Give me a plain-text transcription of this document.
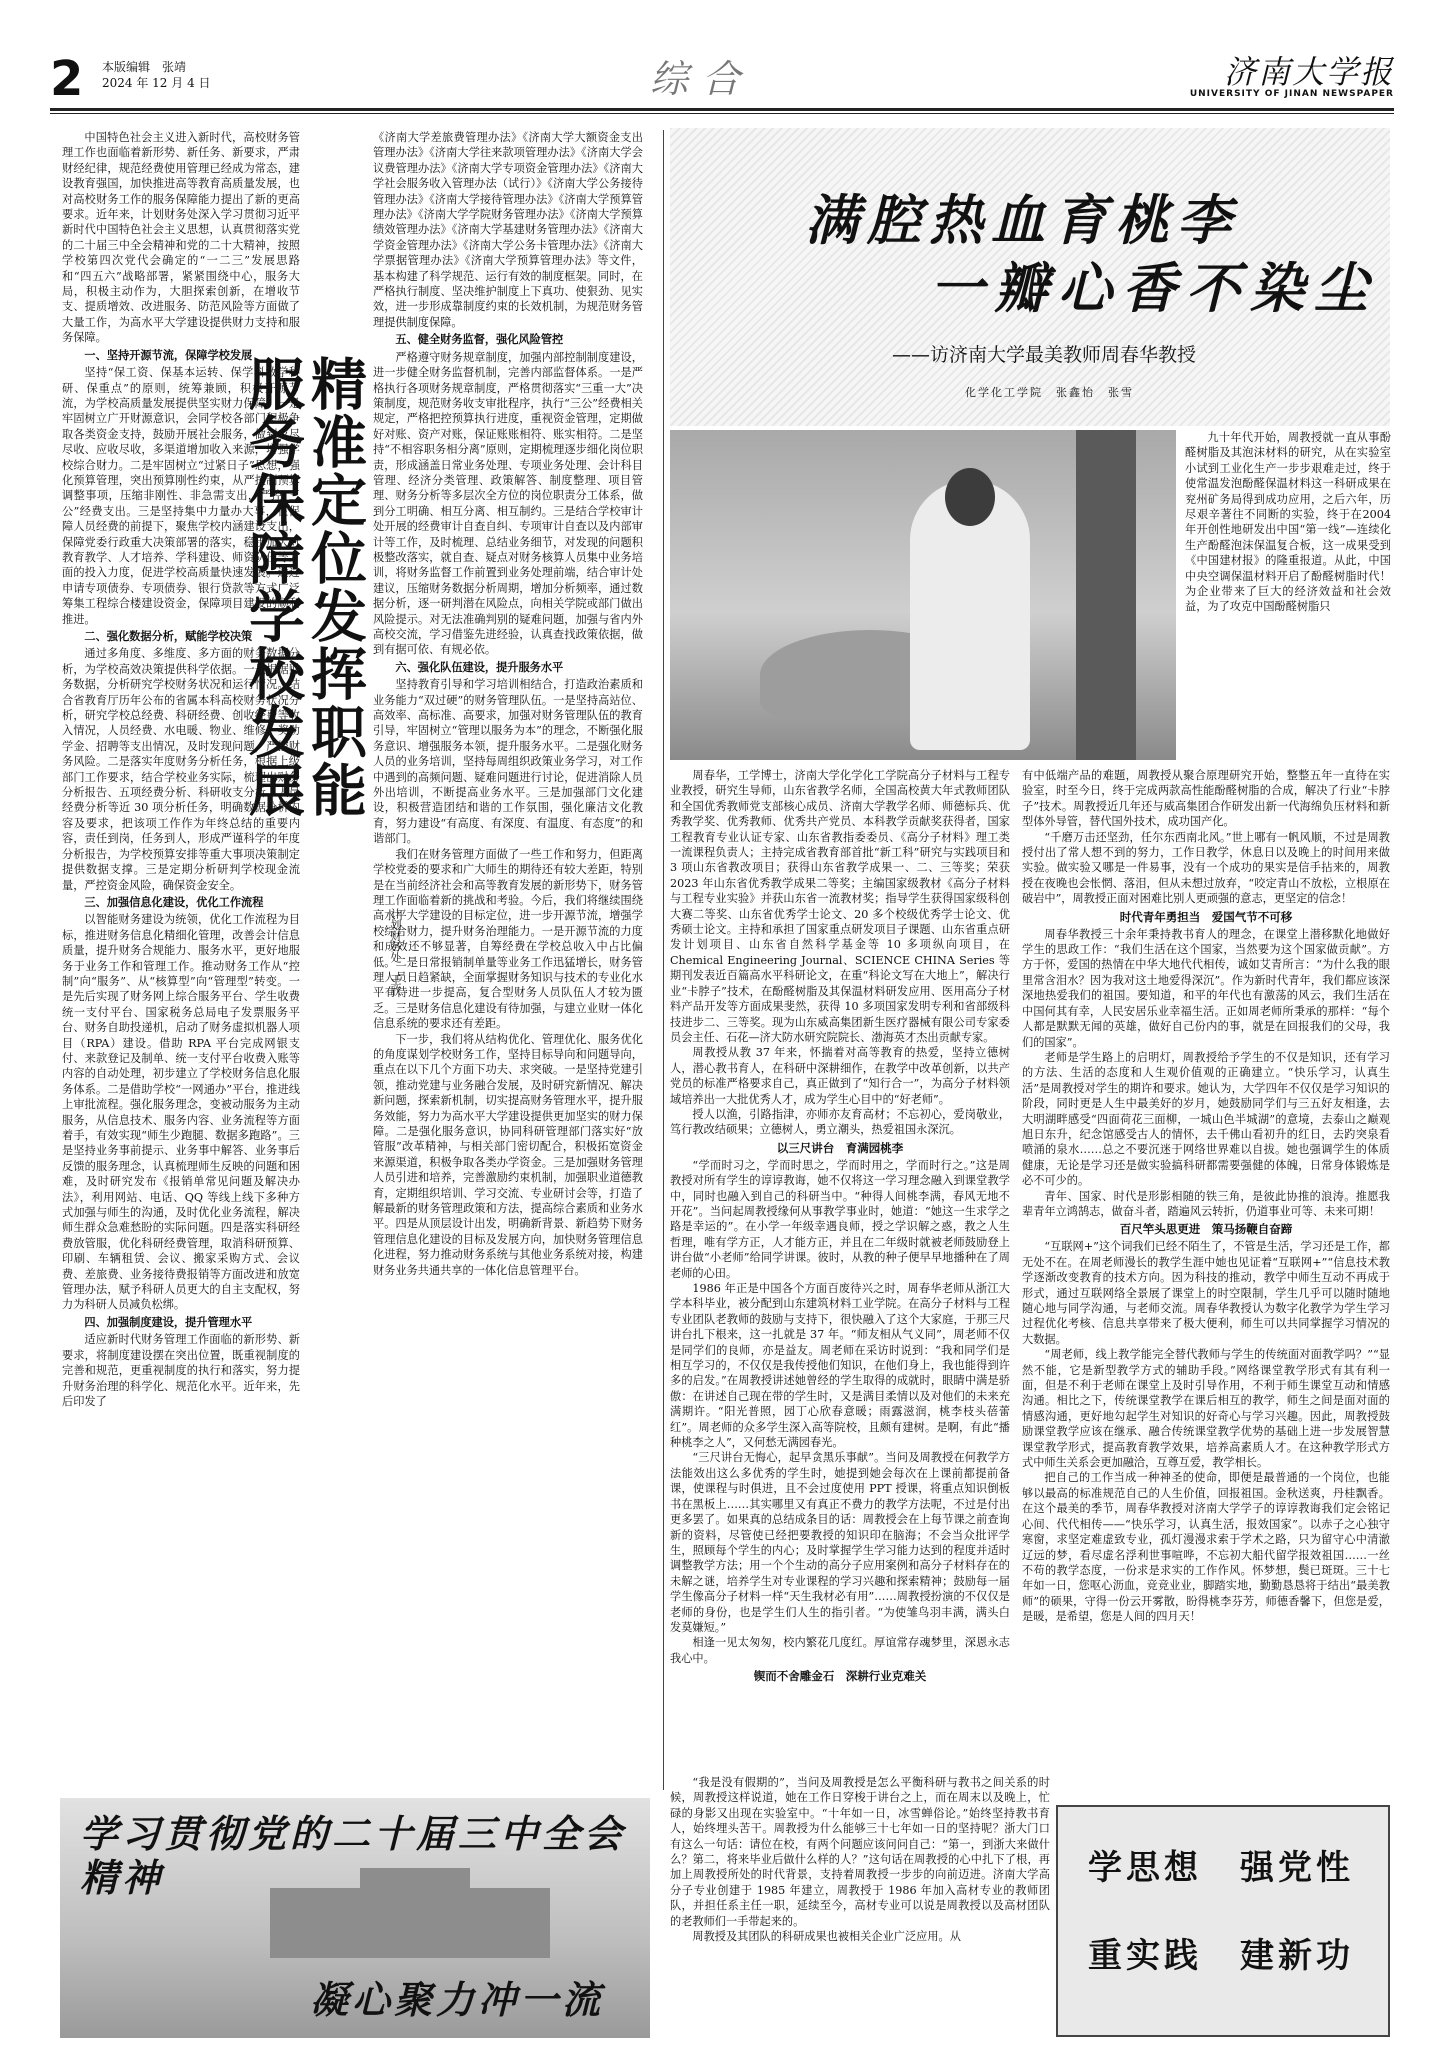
2 本版编辑　张靖
2024 年 12 月 4 日	综合	济南大学报
UNIVERSITY OF JINAN NEWSPAPER

中国特色社会主义进入新时代，高校财务管理工作也面临着新形势、新任务、新要求，严肃财经纪律，规范经费使用管理已经成为常态，建设教育强国，加快推进高等教育高质量发展，也对高校财务工作的服务保障能力提出了新的更高要求。近年来，计划财务处深入学习贯彻习近平新时代中国特色社会主义思想，认真贯彻落实党的二十届三中全会精神和党的二十大精神，按照学校第四次党代会确定的“一二三”发展思路和“四五六”战略部署，紧紧围绕中心，服务大局，积极主动作为，大胆探索创新，在增收节支、提质增效、改进服务、防范风险等方面做了大量工作，为高水平大学建设提供财力支持和服务保障。

一、坚持开源节流，保障学校发展

坚持“保工资、保基本运转、保学科教学科研、保重点”的原则，统筹兼顾，积极开源节流，为学校高质量发展提供坚实财力保障。一是牢固树立广开财源意识，会同学校各部门积极争取各类资金支持，鼓励开展社会服务，做到应尽尽收、应收尽收，多渠道增加收入来源，增强学校综合财力。二是牢固树立“过紧日子”思想，强化预算管理，突出预算刚性约束，从严控制预算调整事项，压缩非刚性、非急需支出，严控“三公”经费支出。三是坚持集中力量办大事，在保障人员经费的前提下，聚焦学校内涵建设支出，保障党委行政重大决策部署的落实，稳步加大对教育教学、人才培养、学科建设、师资队伍等方面的投入力度，促进学校高质量快速发展。通过申请专项债券、专项债券、银行贷款等方式广泛筹集工程综合楼建设资金，保障项目建设的顺利推进。

二、强化数据分析，赋能学校决策

通过多角度、多维度、多方面的财务数据分析，为学校高效决策提供科学依据。一是根据财务数据，分析研究学校财务状况和运行情况。结合省教育厅历年公布的省属本科高校财务状况分析，研究学校总经费、科研经费、创收经费等收入情况，人员经费、水电暖、物业、维修、奖助学金、招聘等支出情况，及时发现问题，严控财务风险。二是落实年度财务分析任务，根据上级部门工作要求，结合学校业务实际，梳理出财务分析报告、五项经费分析、科研收支分析、人员经费分析等近 30 项分析任务，明确数据分析内容及要求，把该项工作作为年终总结的重要内容，责任到岗，任务到人，形成严谨科学的年度分析报告，为学校预算安排等重大事项决策制定提供数据支撑。三是定期分析研判学校现金流量，严控资金风险，确保资金安全。

三、加强信息化建设，优化工作流程

以智能财务建设为统领，优化工作流程为目标，推进财务信息化精细化管理，改善会计信息质量，提升财务合规能力、服务水平，更好地服务于业务工作和管理工作。推动财务工作从“控制”向“服务”、从“核算型”向“管理型”转变。一是先后实现了财务网上综合服务平台、学生收费统一支付平台、国家税务总局电子发票服务平台、财务自助投递机，启动了财务虚拟机器人项目（RPA）建设。借助 RPA 平台完成网银支付、来款登记及制单、统一支付平台收费入账等内容的自动处理，初步建立了学校财务信息化服务体系。二是借助学校“一网通办”平台，推进线上审批流程。强化服务理念，变被动服务为主动服务，从信息技术、服务内容、业务流程等方面着手，有效实现“师生少跑腿、数据多跑路”。三是坚持业务事前提示、业务事中解答、业务事后反馈的服务理念，认真梳理师生反映的问题和困难，及时研究发布《报销单常见问题及解决办法》，利用网站、电话、QQ 等线上线下多种方式加强与师生的沟通，及时优化业务流程，解决师生群众急难愁盼的实际问题。四是落实科研经费放管服，优化科研经费管理，取消科研预算、印刷、车辆租赁、会议、搬家采购方式、会议费、差旅费、业务接待费报销等方面改进和放宽管理办法，赋予科研人员更大的自主支配权，努力为科研人员减负松绑。

四、加强制度建设，提升管理水平

适应新时代财务管理工作面临的新形势、新要求，将制度建设摆在突出位置，既重视制度的完善和规范，更重视制度的执行和落实，努力提升财务治理的科学化、规范化水平。近年来，先后印发了

精准定位发挥职能
服务保障学校发展
计划财务处　王欣

《济南大学差旅费管理办法》《济南大学大额资金支出管理办法》《济南大学往来款项管理办法》《济南大学会议费管理办法》《济南大学专项资金管理办法》《济南大学社会服务收入管理办法（试行）》《济南大学公务接待管理办法》《济南大学接待管理办法》《济南大学预算管理办法》《济南大学学院财务管理办法》《济南大学预算绩效管理办法》《济南大学基建财务管理办法》《济南大学资金管理办法》《济南大学公务卡管理办法》《济南大学票据管理办法》《济南大学预算管理办法》等文件，基本构建了科学规范、运行有效的制度框架。同时，在严格执行制度、坚决维护制度上下真功、使狠劲、见实效，进一步形成靠制度约束的长效机制，为规范财务管理提供制度保障。

五、健全财务监督，强化风险管控

严格遵守财务规章制度，加强内部控制制度建设，进一步健全财务监督机制，完善内部监督体系。一是严格执行各项财务规章制度，严格贯彻落实“三重一大”决策制度，规范财务收支审批程序，执行“三公”经费相关规定，严格把控预算执行进度，重视资金管理，定期做好对账、资产对账，保证账账相符、账实相符。二是坚持“不相容职务相分离”原则，定期梳理逐步细化岗位职责，形成涵盖日常业务处理、专项业务处理、会计科目管理、经济分类管理、政策解答、制度整理、项目管理、财务分析等多层次全方位的岗位职责分工体系，做到分工明确、相互分离、相互制约。三是结合学校审计处开展的经费审计自查自纠、专项审计自查以及内部审计等工作，及时梳理、总结业务细节，对发现的问题积极整改落实，就自查、疑点对财务核算人员集中业务培训，将财务监督工作前置到业务处理前端，结合审计处建议，压缩财务数据分析周期，增加分析频率，通过数据分析，逐一研判潜在风险点，向相关学院或部门做出风险提示。对无法准确判别的疑难问题，加强与省内外高校交流，学习借鉴先进经验，认真查找政策依据，做到有据可依、有规必依。

六、强化队伍建设，提升服务水平

坚持教育引导和学习培训相结合，打造政治素质和业务能力“双过硬”的财务管理队伍。一是坚持高站位、高效率、高标准、高要求，加强对财务管理队伍的教育引导，牢固树立“管理以服务为本”的理念，不断强化服务意识、增强服务本领，提升服务水平。二是强化财务人员的业务培训，坚持每周组织政策业务学习，对工作中遇到的高频问题、疑难问题进行讨论，促进消除人员外出培训，不断提高业务水平。三是加强部门文化建设，积极营造团结和谐的工作氛围，强化廉洁文化教育，努力建设“有高度、有深度、有温度、有态度”的和谐部门。

我们在财务管理方面做了一些工作和努力，但距离学校党委的要求和广大师生的期待还有较大差距，特别是在当前经济社会和高等教育发展的新形势下，财务管理工作面临着新的挑战和考验。今后，我们将继续围绕高水平大学建设的目标定位，进一步开源节流，增强学校综合财力，提升财务治理能力。一是开源节流的力度和成效还不够显著，自筹经费在学校总收入中占比偏低。二是日常报销制单量等业务工作迅猛增长，财务管理人员日趋紧缺，全面掌握财务知识与技术的专业化水平有待进一步提高，复合型财务人员队伍人才较为匮乏。三是财务信息化建设有待加强，与建立业财一体化信息系统的要求还有差距。

下一步，我们将从结构优化、管理优化、服务优化的角度谋划学校财务工作，坚持目标导向和问题导向，重点在以下几个方面下功夫、求突破。一是坚持党建引领，推动党建与业务融合发展，及时研究新情况、解决新问题，探索新机制，切实提高财务管理水平，提升服务效能，努力为高水平大学建设提供更加坚实的财力保障。二是强化服务意识，协同科研管理部门落实好“放管服”改革精神，与相关部门密切配合，积极拓宽资金来源渠道，积极争取各类办学资金。三是加强财务管理人员引进和培养，完善激励约束机制，加强职业道德教育，定期组织培训、学习交流、专业研讨会等，打造了解最新的财务管理政策和方法，提高综合素质和业务水平。四是从顶层设计出发，明确新背景、新趋势下财务管理信息化建设的目标及发展方向，加快财务管理信息化进程，努力推动财务系统与其他业务系统对接，构建财务业务共通共享的一体化信息管理平台。

满腔热血育桃李
一瓣心香不染尘
——访济南大学最美教师周春华教授
化学化工学院　张鑫怡　张雪

九十年代开始，周教授就一直从事酚醛树脂及其泡沫材料的研究，从在实验室小试到工业化生产一步步艰难走过，终于使常温发泡酚醛保温材料这一科研成果在兖州矿务局得到成功应用，之后六年，历尽艰辛著往不同断的实验，终于在2004年开创性地研发出中国“第一线”—连续化生产酚醛泡沫保温复合板，这一成果受到《中国建材报》的隆重报道。从此，中国中央空调保温材料开启了酚醛树脂时代！为企业带来了巨大的经济效益和社会效益，为了攻克中国酚醛树脂只

周春华，工学博士，济南大学化学化工学院高分子材料与工程专业教授，研究生导师，山东省教学名师，全国高校黄大年式教师团队和全国优秀教师党支部核心成员、济南大学教学名师、师德标兵、优秀教学奖、优秀教师、优秀共产党员、本科教学贡献奖获得者，国家工程教育专业认证专家、山东省教指委委员、《高分子材料》理工类一流课程负责人；主持完成省教育部首批“新工科”研究与实践项目和 3 项山东省教改项目；获得山东省教学成果一、二、三等奖；荣获 2023 年山东省优秀教学成果二等奖；主编国家级教材《高分子材料与工程专业实验》并获山东省一流教材奖；指导学生获得国家级科创大赛二等奖、山东省优秀学士论文、20 多个校级优秀学士论文、优秀硕士论文。主持和承担了国家重点研发项目子课题、山东省重点研发计划项目、山东省自然科学基金等 10 多项纵向项目，在 Chemical Engineering Journal、SCIENCE CHINA Series 等期刊发表近百篇高水平科研论文，在重“科论文写在大地上”，解决行业“卡脖子”技术，在酚醛树脂及其保温材料研发应用、医用高分子材料产品开发等方面成果斐然，获得 10 多项国家发明专利和省部级科技进步二、三等奖。现为山东威高集团新生医疗器械有限公司专家委员会主任、石花—济大防水研究院院长、渤海英才杰出贡献专家。

周教授从教 37 年来，怀揣着对高等教育的热爱，坚持立德树人，潜心教书育人，在科研中深耕细作，在教学中改革创新，以共产党员的标准严格要求自己，真正做到了“知行合一”，为高分子材料领域培养出一大批优秀人才，成为学生心目中的“好老师”。

授人以渔，引路指津，亦师亦友育高材；不忘初心，爱岗敬业，笃行教改结硕果；立德树人，勇立潮头，热爱祖国永深沉。

以三尺讲台　育满园桃李

“学而时习之，学而时思之，学而时用之，学而时行之。”这是周教授对所有学生的谆谆教诲，她不仅将这一学习理念融入到课堂教学中，同时也融入到自己的科研当中。“种得人间桃李满，春风无地不开花”。当问起周教授缘何从事教学事业时，她道：“她这一生求学之路是幸运的”。在小学一年级幸遇良师，授之学识解之惑，教之人生哲理，唯有学方正，人才能方正，并且在二年级时就被老师鼓励登上讲台做“小老师”给同学讲课。彼时，从教的种子便早早地播种在了周老师的心田。

1986 年正是中国各个方面百废待兴之时，周春华老师从浙江大学本科毕业，被分配到山东建筑材料工业学院。在高分子材料与工程专业团队老教师的鼓励与支持下，很快融入了这个大家庭，于那三尺讲台扎下根来，这一扎就是 37 年。“师友相从气义同”，周老师不仅是同学们的良师，亦是益友。周老师在采访时说到：“我和同学们是相互学习的，不仅仅是我传授他们知识，在他们身上，我也能得到许多的启发。”在周教授讲述她曾经的学生取得的成就时，眼睛中满是骄傲：在讲述自己现在带的学生时，又是满目柔情以及对他们的未来充满期许。“阳光普照，园丁心欣春意暖；雨露滋润，桃李枝头蓓蕾红”。周老师的众多学生深入高等院校，且颇有建树。是啊，有此“播种桃李之人”，又何愁无满园春光。

“三尺讲台无悔心，起早贪黑乐事献”。当问及周教授在何教学方法能效出这么多优秀的学生时，她提到她会每次在上课前都提前备课，使课程与时俱进，且不会过度使用 PPT 授课，将重点知识倒板书在黑板上……其实哪里又有真正不费力的教学方法呢，不过是付出更多罢了。如果真的总结成条目的话：周教授会在上每节课之前查询新的资料，尽管使已经把要教授的知识印在脑海；不会当众批评学生，照顾每个学生的内心；及时掌握学生学习能力达到的程度并适时调整教学方法；用一个个生动的高分子应用案例和高分子材料存在的未解之谜，培养学生对专业课程的学习兴趣和探索精神；鼓励每一届学生像高分子材料一样“天生我材必有用”……周教授扮演的不仅仅是老师的身份，也是学生们人生的指引者。“为使雏鸟羽丰满，满头白发莫嫌短。”

相逢一见太匆匆，校内繁花几度红。厚谊常存魂梦里，深恩永志我心中。

锲而不舍雕金石　深耕行业克难关

有中低端产品的难题，周教授从聚合原理研究开始，整整五年一直待在实验室，时至今日，终于完成两款高性能酚醛树脂的合成，解决了行业“卡脖子”技术。周教授近几年还与威高集团合作研发出新一代海绵负压材料和新型体外导管，替代国外技术，成功国产化。

“千磨万击还坚劲，任尔东西南北风。”世上哪有一帆风顺，不过是周教授付出了常人想不到的努力，工作日教学，休息日以及晚上的时间用来做实验。做实验又哪是一件易事，没有一个成功的果实是信手拈来的，周教授在夜晚也会怅惘、落泪，但从未想过放弃，“咬定青山不放松，立根原在破岩中”，周教授正面对困难比别人更顽强的意志，更坚定的信念！

时代青年勇担当　爱国气节不可移

周春华教授三十余年秉持教书育人的理念，在课堂上潜移默化地做好学生的思政工作：“我们生活在这个国家，当然要为这个国家做贡献”。方方于怀，爱国的热情在中华大地代代相传，诚如艾青所言：“为什么我的眼里常含泪水？因为我对这土地爱得深沉”。作为新时代青年，我们都应该深深地热爱我们的祖国。要知道，和平的年代也有激荡的风云，我们生活在中国何其有幸，人民安居乐业幸福生活。正如周老师所秉承的那样：“每个人都是默默无闻的英雄，做好自己份内的事，就是在回报我们的父母，我们的国家”。

老师是学生路上的启明灯，周教授给予学生的不仅是知识，还有学习的方法、生活的态度和人生观价值观的正确建立。“快乐学习，认真生活”是周教授对学生的期许和要求。她认为，大学四年不仅仅是学习知识的阶段，同时更是人生中最美好的岁月，她鼓励同学们与三五好友相逢，去大明湖畔感受“四面荷花三面柳，一城山色半城湖”的意境，去泰山之巅观旭日东升，纪念馆感受古人的情怀，去千佛山看初升的红日，去趵突泉看喷涌的泉水……总之不要沉迷于网络世界难以自拔。她也强调学生的体质健康，无论是学习还是做实验搞科研都需要强健的体魄，日常身体锻炼是必不可少的。

青年、国家、时代是形影相随的铁三角，是彼此协推的浪涛。推愿我辈青年立鸿鹄志，做奋斗者，踏遍风云转折，仍道事业可等、未来可期！

百尺竿头思更进　策马扬鞭自奋蹄

“互联网+”这个词我们已经不陌生了，不管是生活，学习还是工作，都无处不在。在周老师漫长的教学生涯中她也见证着“互联网+”“信息技术教学逐渐改变教育的技术方向。因为科技的推动，教学中师生互动不再成于形式，通过互联网络全景展了课堂上的时空限制，学生几乎可以随时随地随心地与同学沟通，与老师交流。周春华教授认为数字化教学为学生学习过程优化考核、信息共享带来了极大便利，师生可以共同掌握学习情况的大数据。

“周老师，线上教学能完全替代教师与学生的传统面对面教学吗？”“显然不能，它是新型教学方式的辅助手段。”网络课堂教学形式有其有利一面，但是不利于老师在课堂上及时引导作用，不利于师生课堂互动和情感沟通。相比之下，传统课堂教学在课后相互的教学，师生之间是面对面的情感沟通，更好地勾起学生对知识的好奇心与学习兴趣。因此，周教授鼓励课堂教学应该在继承、融合传统课堂教学优势的基础上进一步发展智慧课堂教学形式，提高教育教学效果，培养高素质人才。在这种教学形式方式中师生关系会更加融洽，互尊互爱，教学相长。

把自己的工作当成一种神圣的使命，即便是最普通的一个岗位，也能够以最高的标准规范自己的人生价值，回报祖国。金秋送爽，丹桂飘香。在这个最美的季节，周春华教授对济南大学学子的谆谆教诲我们定会铭记心间、代代相传——“快乐学习，认真生活，报效国家”。以赤子之心独守寒窗，求坚定难虚致专业，孤灯漫漫求索于学术之路，只为留守心中清澈辽远的梦，看尽虚名浮利世事喧哗，不忘初大船代留学报效祖国……一丝不苟的教学态度，一份求是求实的工作作风。怀梦想，鬓已斑斑。三十七年如一日，您呕心沥血，竞竞业业，脚踏实地，勤勤恳恳将于结出“最美教师”的硕果，守得一份云开雾散，盼得桃李芬芳，师德香馨下，但您是爱，是暖，是希望，您是人间的四月天！

“我是没有假期的”，当问及周教授是怎么平衡科研与教书之间关系的时候，周教授这样说道，她在工作日穿梭于讲台之上，而在周末以及晚上，忙碌的身影又出现在实验室中。“十年如一日，冰雪蝉俗论。”始终坚持教书育人，始终埋头苦干。周教授为什么能够三十七年如一日的坚持呢？浙大门口有这么一句话：请位在校，有两个问题应该问问自己：“第一，到浙大来做什么？第二，将来毕业后做什么样的人？”这句话在周教授的心中扎下了根，再加上周教授所处的时代背景，支持着周教授一步步的向前迈进。济南大学高分子专业创建于 1985 年建立，周教授于 1986 年加入高材专业的教师团队，并担任系主任一职，延续至今，高材专业可以说是周教授以及高材团队的老教师们一手带起来的。

周教授及其团队的科研成果也被相关企业广泛应用。从

学习贯彻党的二十届三中全会精神
凝心聚力冲一流
学思想　强党性
重实践　建新功
